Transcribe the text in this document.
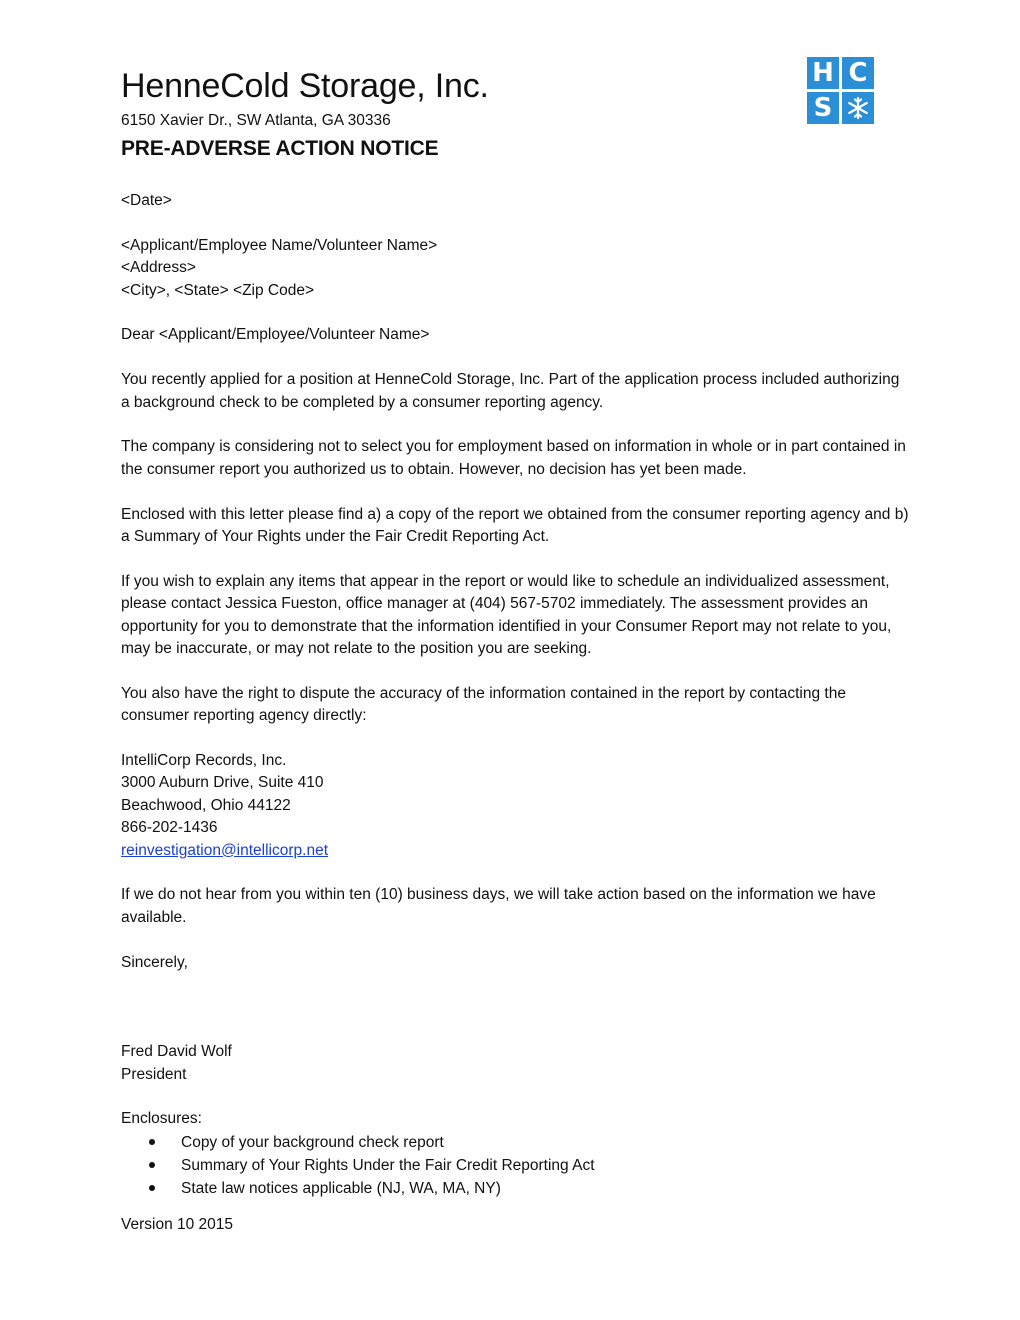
H C
S
HenneCold Storage, Inc.
6150 Xavier Dr., SW Atlanta, GA 30336
PRE-ADVERSE ACTION NOTICE

<Date>

<Applicant/Employee Name/Volunteer Name>

<Address>

<City>, <State> <Zip Code>

Dear <Applicant/Employee/Volunteer Name>

You recently applied for a position at HenneCold Storage, Inc. Part of the application process included authorizing a background check to be completed by a consumer reporting agency.

The company is considering not to select you for employment based on information in whole or in part contained in the consumer report you authorized us to obtain. However, no decision has yet been made.

Enclosed with this letter please find a) a copy of the report we obtained from the consumer reporting agency and b) a Summary of Your Rights under the Fair Credit Reporting Act.

If you wish to explain any items that appear in the report or would like to schedule an individualized assessment, please contact Jessica Fueston, office manager at (404) 567-5702 immediately. The assessment provides an opportunity for you to demonstrate that the information identified in your Consumer Report may not relate to you, may be inaccurate, or may not relate to the position you are seeking.

You also have the right to dispute the accuracy of the information contained in the report by contacting the consumer reporting agency directly:

IntelliCorp Records, Inc.

3000 Auburn Drive, Suite 410

Beachwood, Ohio 44122

866-202-1436

reinvestigation@intellicorp.net

If we do not hear from you within ten (10) business days, we will take action based on the information we have available.

Sincerely,

Fred David Wolf

President

Enclosures:

Copy of your background check report
Summary of Your Rights Under the Fair Credit Reporting Act
State law notices applicable (NJ, WA, MA, NY)

Version 10 2015
